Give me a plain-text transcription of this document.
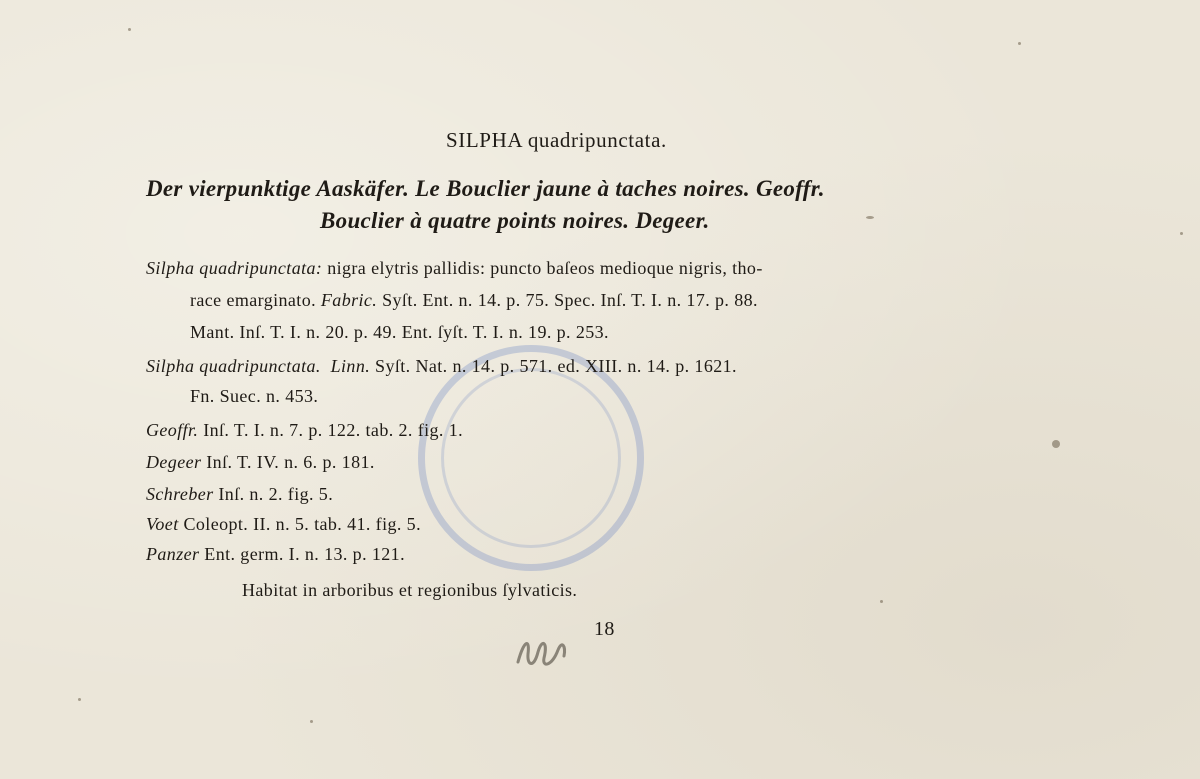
SILPHA quadripunctata.
Der vierpunktige Aaskäfer. Le Bouclier jaune à taches noires. Geoffr.
Bouclier à quatre points noires. Degeer.
Silpha quadripunctata: nigra elytris pallidis: puncto baſeos medioque nigris, tho-
race emarginato. Fabric. Syſt. Ent. n. 14. p. 75. Spec. Inſ. T. I. n. 17. p. 88.
Mant. Inſ. T. I. n. 20. p. 49. Ent. ſyſt. T. I. n. 19. p. 253.
Silpha quadripunctata. Linn. Syſt. Nat. n. 14. p. 571. ed. XIII. n. 14. p. 1621.
Fn. Suec. n. 453.
Geoffr. Inſ. T. I. n. 7. p. 122. tab. 2. fig. 1.
Degeer Inſ. T. IV. n. 6. p. 181.
Schreber Inſ. n. 2. fig. 5.
Voet Coleopt. II. n. 5. tab. 41. fig. 5.
Panzer Ent. germ. I. n. 13. p. 121.
Habitat in arboribus et regionibus ſylvaticis.
18
